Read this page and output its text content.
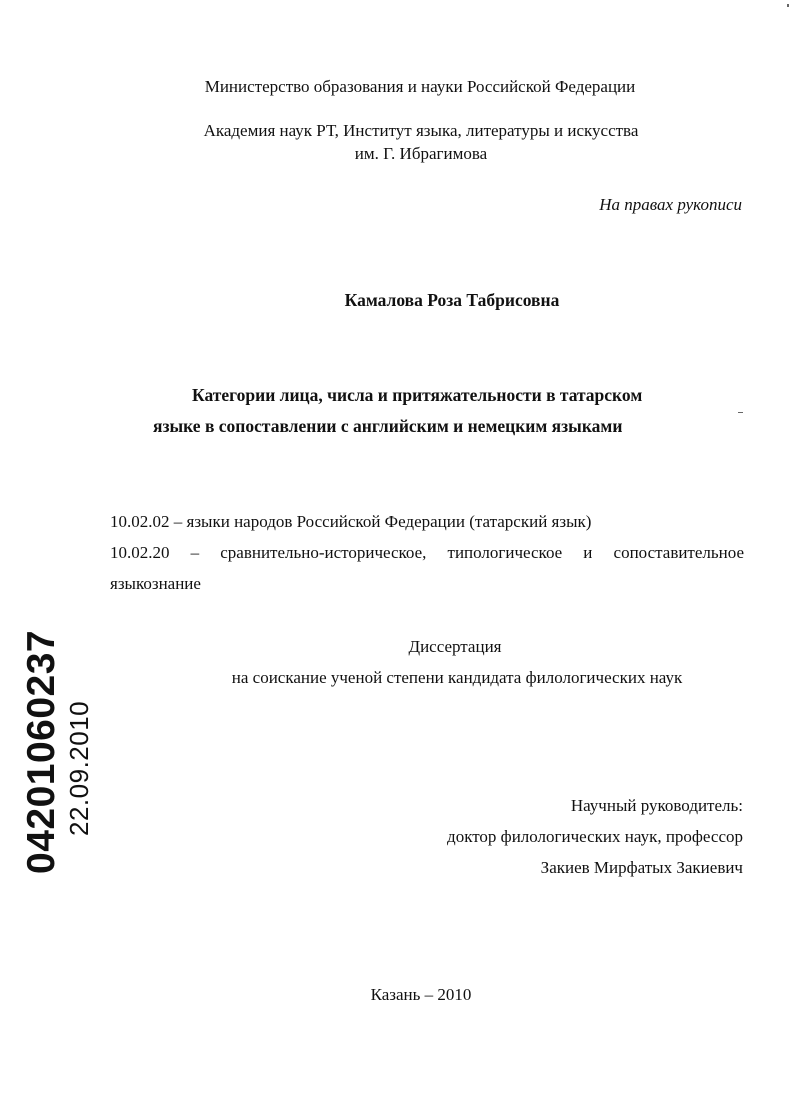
Министерство образования и науки Российской Федерации
Академия наук РТ, Институт языка, литературы и искусства
им. Г. Ибрагимова
На правах рукописи
Камалова Роза Табрисовна
Категории лица, числа и притяжательности в татарском
языке в сопоставлении с английским и немецким языками
10.02.02 – языки народов Российской Федерации (татарский язык)
10.02.20 – сравнительно-историческое, типологическое и сопоставительное
языкознание
Диссертация
на соискание ученой степени кандидата филологических наук
Научный руководитель:
доктор филологических наук, профессор
Закиев Мирфатых Закиевич
Казань – 2010
04201060237 22.09.2010
